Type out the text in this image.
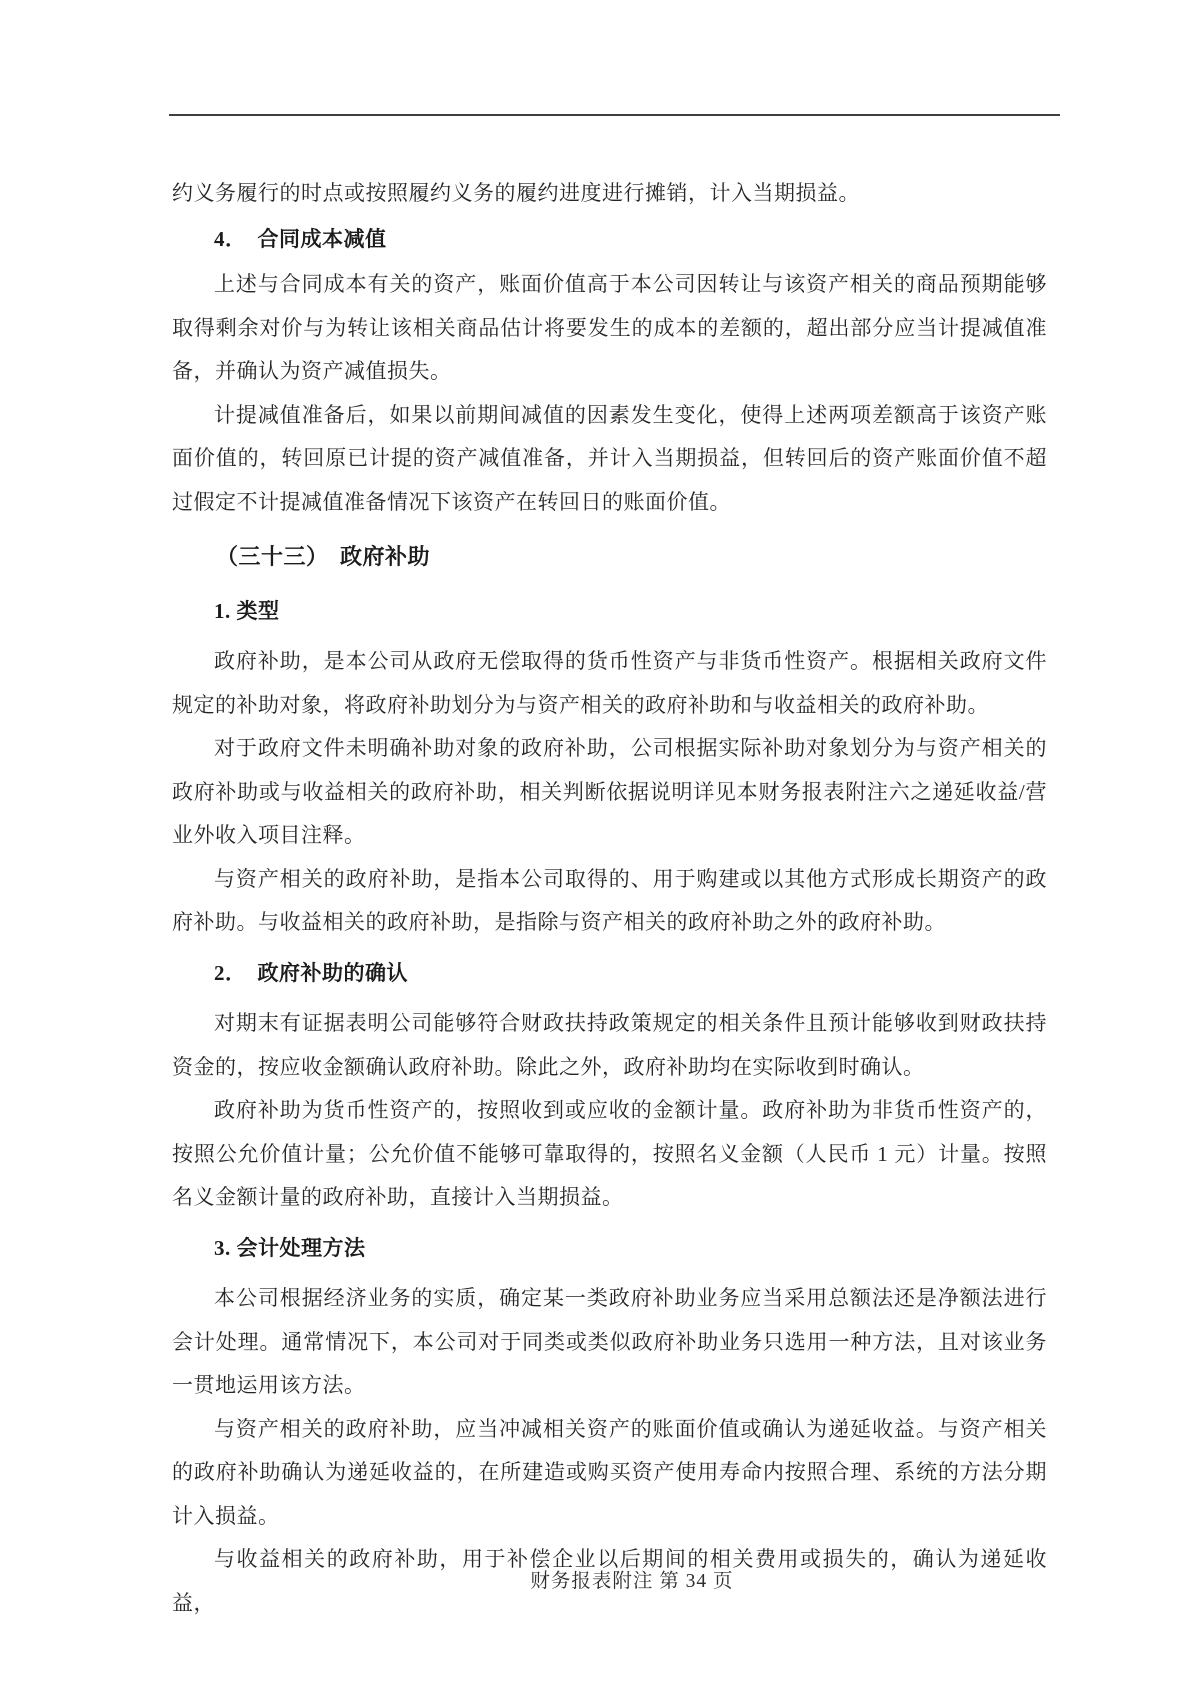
约义务履行的时点或按照履约义务的履约进度进行摊销，计入当期损益。

4．　合同成本减值

上述与合同成本有关的资产，账面价值高于本公司因转让与该资产相关的商品预期能够取得剩余对价与为转让该相关商品估计将要发生的成本的差额的，超出部分应当计提减值准备，并确认为资产减值损失。

计提减值准备后，如果以前期间减值的因素发生变化，使得上述两项差额高于该资产账面价值的，转回原已计提的资产减值准备，并计入当期损益，但转回后的资产账面价值不超过假定不计提减值准备情况下该资产在转回日的账面价值。

（三十三）　政府补助

1. 类型

政府补助，是本公司从政府无偿取得的货币性资产与非货币性资产。根据相关政府文件规定的补助对象，将政府补助划分为与资产相关的政府补助和与收益相关的政府补助。

对于政府文件未明确补助对象的政府补助，公司根据实际补助对象划分为与资产相关的政府补助或与收益相关的政府补助，相关判断依据说明详见本财务报表附注六之递延收益/营业外收入项目注释。

与资产相关的政府补助，是指本公司取得的、用于购建或以其他方式形成长期资产的政府补助。与收益相关的政府补助，是指除与资产相关的政府补助之外的政府补助。

2．　政府补助的确认

对期末有证据表明公司能够符合财政扶持政策规定的相关条件且预计能够收到财政扶持资金的，按应收金额确认政府补助。除此之外，政府补助均在实际收到时确认。

政府补助为货币性资产的，按照收到或应收的金额计量。政府补助为非货币性资产的，按照公允价值计量；公允价值不能够可靠取得的，按照名义金额（人民币 1 元）计量。按照名义金额计量的政府补助，直接计入当期损益。

3. 会计处理方法

本公司根据经济业务的实质，确定某一类政府补助业务应当采用总额法还是净额法进行会计处理。通常情况下，本公司对于同类或类似政府补助业务只选用一种方法，且对该业务一贯地运用该方法。

与资产相关的政府补助，应当冲减相关资产的账面价值或确认为递延收益。与资产相关的政府补助确认为递延收益的，在所建造或购买资产使用寿命内按照合理、系统的方法分期计入损益。

与收益相关的政府补助，用于补偿企业以后期间的相关费用或损失的，确认为递延收益，

财务报表附注 第 34 页
